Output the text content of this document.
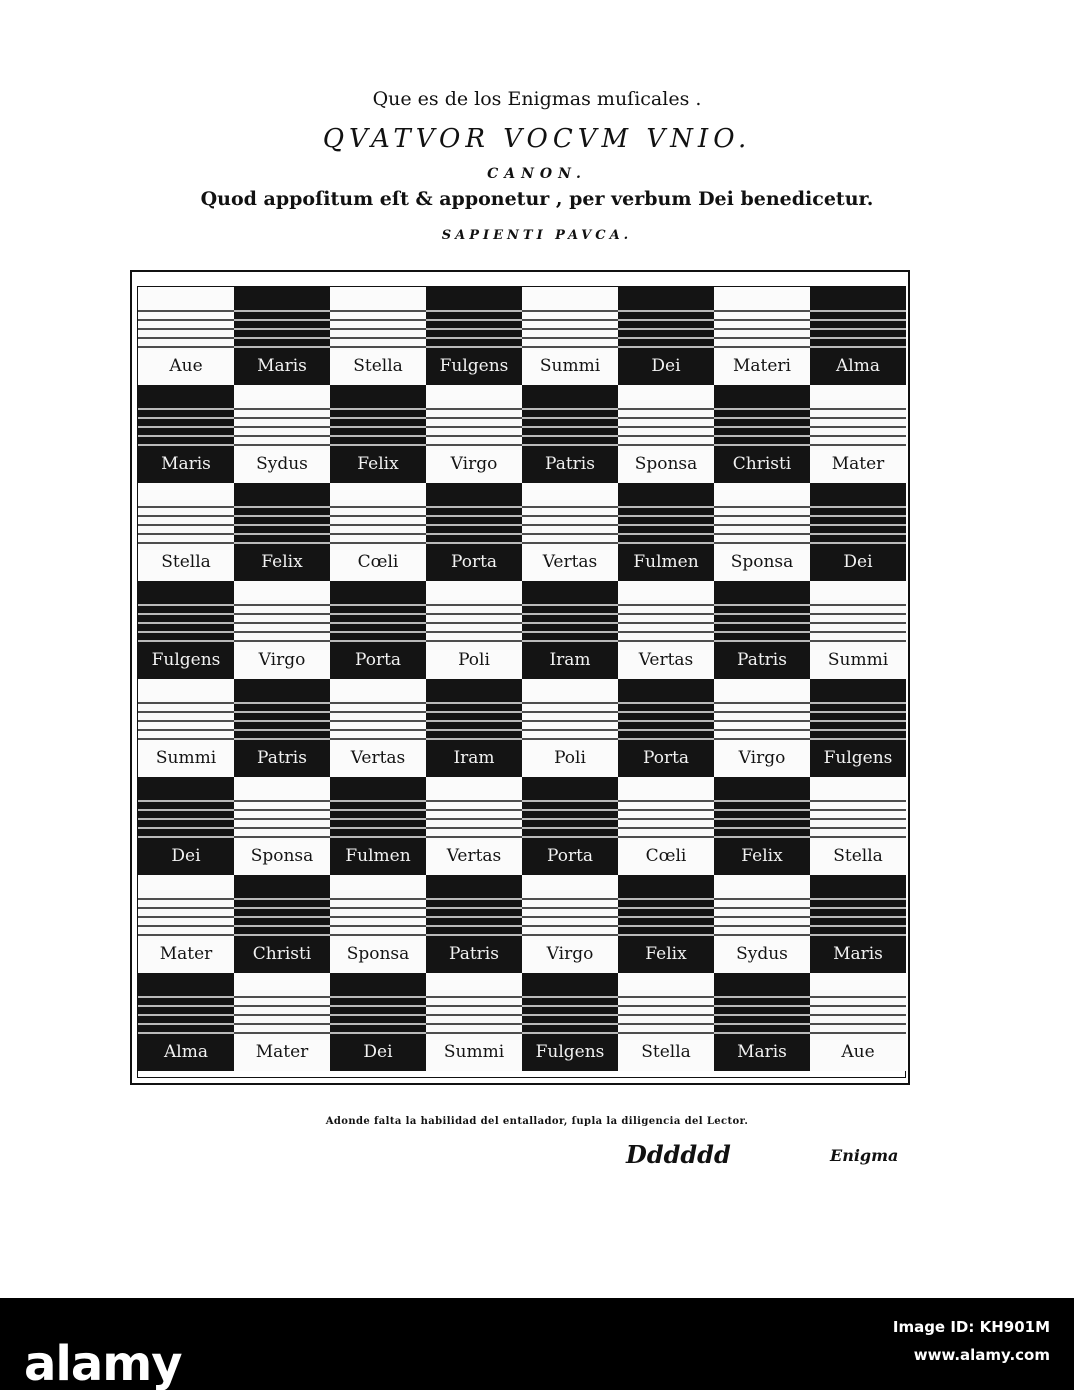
Que es de los Enigmas muſicales .
QVATVOR VOCVM VNIO.
CANON.
Quod appoſitum eſt & apponetur , per verbum Dei benedicetur.
SAPIENTI PAVCA.
Aue	Maris	Stella	Fulgens	Summi	Dei	Materi	Alma
Maris	Sydus	Felix	Virgo	Patris	Sponsa	Christi	Mater
Stella	Felix	Cœli	Porta	Vertas	Fulmen	Sponsa	Dei
Fulgens	Virgo	Porta	Poli	Iram	Vertas	Patris	Summi
Summi	Patris	Vertas	Iram	Poli	Porta	Virgo	Fulgens
Dei	Sponsa	Fulmen	Vertas	Porta	Cœli	Felix	Stella
Mater	Christi	Sponsa	Patris	Virgo	Felix	Sydus	Maris
Alma	Mater	Dei	Summi	Fulgens	Stella	Maris	Aue
Adonde falta la habilidad del entallador, ſupla la diligencia del Lector.
Dddddd	Enigma
alamy
Image ID: KH901M
www.alamy.com
